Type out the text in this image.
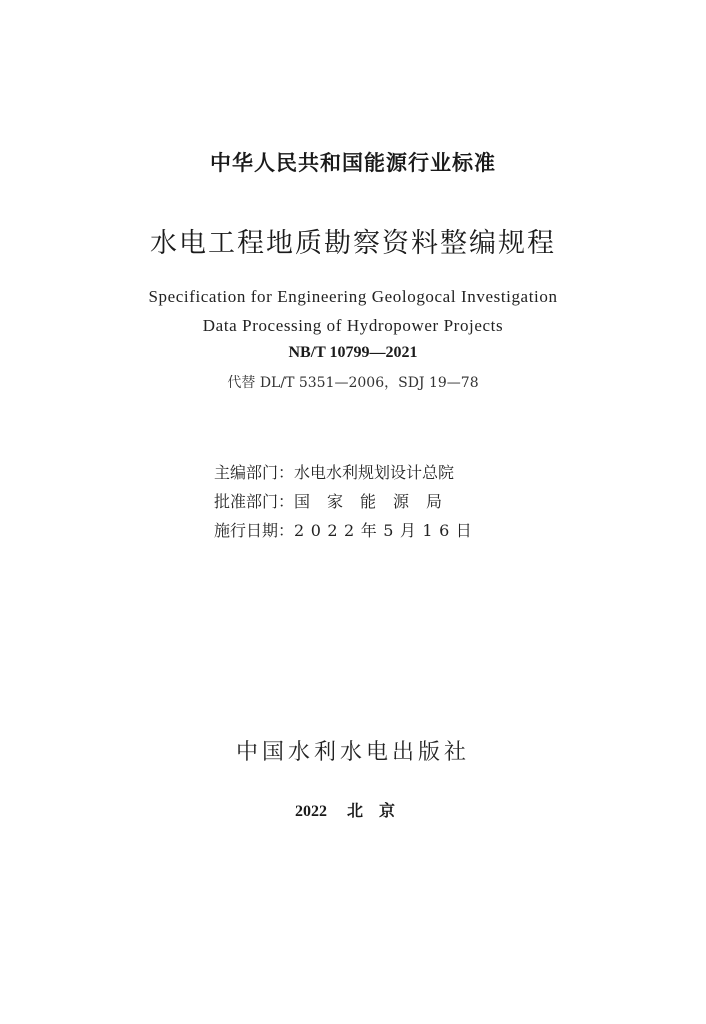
中华人民共和国能源行业标准
水电工程地质勘察资料整编规程
Specification for Engineering Geologocal Investigation
Data Processing of Hydropower Projects
NB/T 10799—2021
代替 DL/T 5351—2006，SDJ 19—78
主编部门：水电水利规划设计总院
批准部门：国家能源局
施行日期：2022年5月16日
中国水利水电出版社
2022 北京
